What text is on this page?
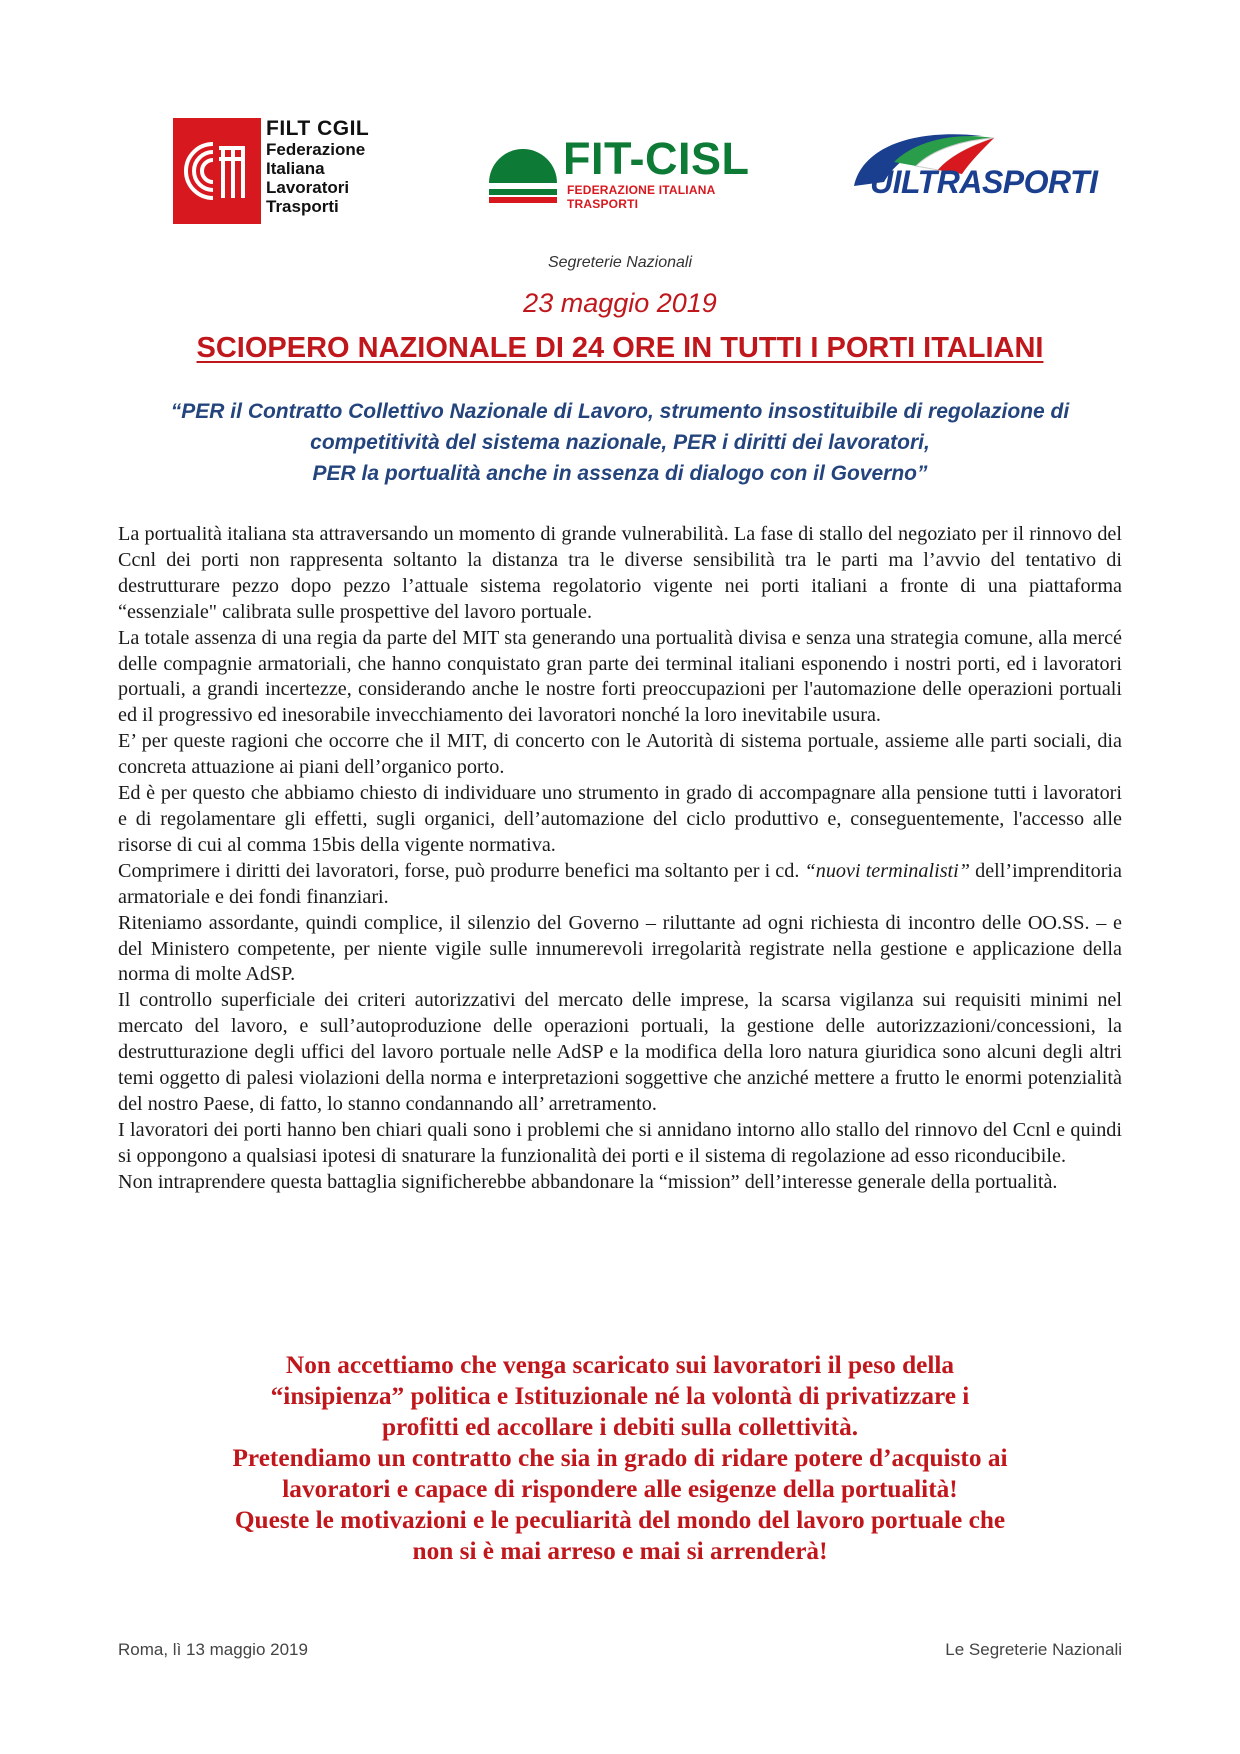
FILT CGIL
Federazione
Italiana
Lavoratori
Trasporti
FIT-CISL
FEDERAZIONE ITALIANA TRASPORTI
UILTRASPORTI
Segreterie Nazionali
23 maggio 2019
SCIOPERO NAZIONALE DI 24 ORE IN TUTTI I PORTI ITALIANI
“PER il Contratto Collettivo Nazionale di Lavoro, strumento insostituibile di regolazione di
competitività del sistema nazionale, PER i diritti dei lavoratori,
PER la portualità anche in assenza di dialogo con il Governo”

La portualità italiana sta attraversando un momento di grande vulnerabilità. La fase di stallo del negoziato per il rinnovo del Ccnl dei porti non rappresenta soltanto la distanza tra le diverse sensibilità tra le parti ma l’avvio del tentativo di destrutturare pezzo dopo pezzo l’attuale sistema regolatorio vigente nei porti italiani a fronte di una piattaforma “essenziale" calibrata sulle prospettive del lavoro portuale.

La totale assenza di una regia da parte del MIT sta generando una portualità divisa e senza una strategia comune, alla mercé delle compagnie armatoriali, che hanno conquistato gran parte dei terminal italiani esponendo i nostri porti, ed i lavoratori portuali, a grandi incertezze, considerando anche le nostre forti preoccupazioni per l'automazione delle operazioni portuali ed il progressivo ed inesorabile invecchiamento dei lavoratori nonché la loro inevitabile usura.

E’ per queste ragioni che occorre che il MIT, di concerto con le Autorità di sistema portuale, assieme alle parti sociali, dia concreta attuazione ai piani dell’organico porto.

Ed è per questo che abbiamo chiesto di individuare uno strumento in grado di accompagnare alla pensione tutti i lavoratori e di regolamentare gli effetti, sugli organici, dell’automazione del ciclo produttivo e, conseguentemente, l'accesso alle risorse di cui al comma 15bis della vigente normativa.

Comprimere i diritti dei lavoratori, forse, può produrre benefici ma soltanto per i cd. “nuovi terminalisti” dell’imprenditoria armatoriale e dei fondi finanziari.

Riteniamo assordante, quindi complice, il silenzio del Governo – riluttante ad ogni richiesta di incontro delle OO.SS. – e del Ministero competente, per niente vigile sulle innumerevoli irregolarità registrate nella gestione e applicazione della norma di molte AdSP.

Il controllo superficiale dei criteri autorizzativi del mercato delle imprese, la scarsa vigilanza sui requisiti minimi nel mercato del lavoro, e sull’autoproduzione delle operazioni portuali, la gestione delle autorizzazioni/concessioni, la destrutturazione degli uffici del lavoro portuale nelle AdSP e la modifica della loro natura giuridica sono alcuni degli altri temi oggetto di palesi violazioni della norma e interpretazioni soggettive che anziché mettere a frutto le enormi potenzialità del nostro Paese, di fatto, lo stanno condannando all’ arretramento.

I lavoratori dei porti hanno ben chiari quali sono i problemi che si annidano intorno allo stallo del rinnovo del Ccnl e quindi si oppongono a qualsiasi ipotesi di snaturare la funzionalità dei porti e il sistema di regolazione ad esso riconducibile.

Non intraprendere questa battaglia significherebbe abbandonare la “mission” dell’interesse generale della portualità.

Non accettiamo che venga scaricato sui lavoratori il peso della
“insipienza” politica e Istituzionale né la volontà di privatizzare i
profitti ed accollare i debiti sulla collettività.
Pretendiamo un contratto che sia in grado di ridare potere d’acquisto ai
lavoratori e capace di rispondere alle esigenze della portualità!
Queste le motivazioni e le peculiarità del mondo del lavoro portuale che
non si è mai arreso e mai si arrenderà!
Roma, lì 13 maggio 2019	Le Segreterie Nazionali
